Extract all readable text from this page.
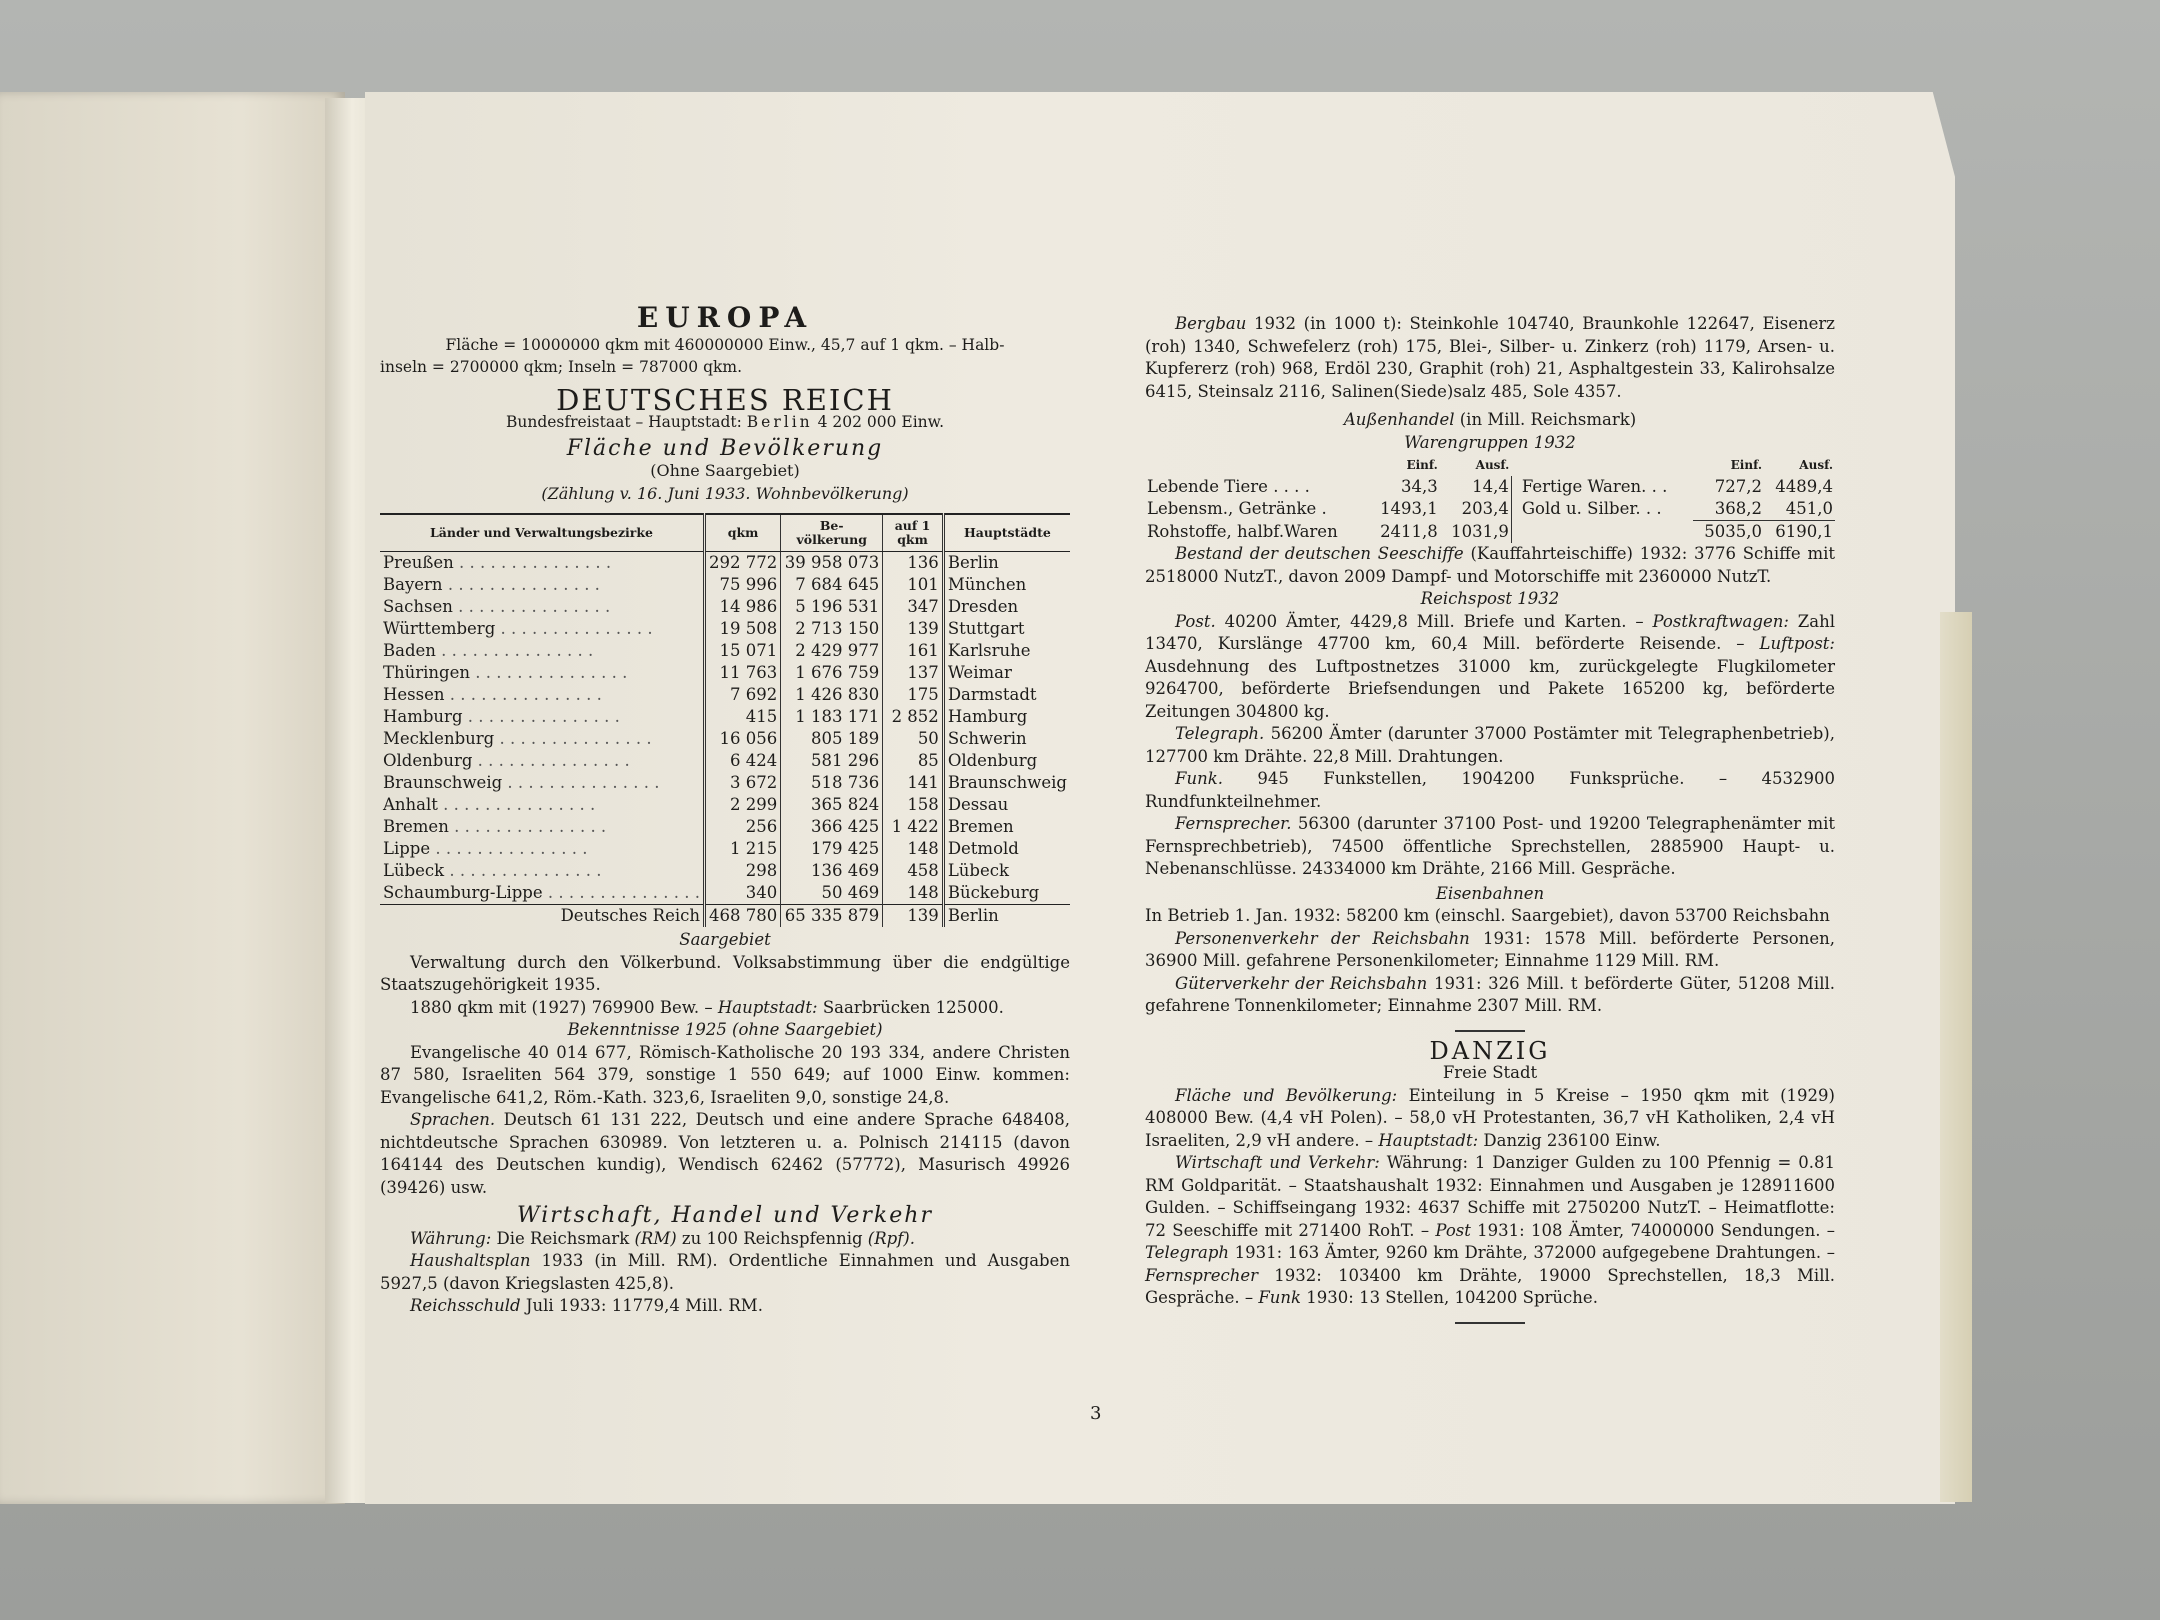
EUROPA
Fläche = 10000000 qkm mit 460000000 Einw., 45,7 auf 1 qkm. – Halb-
inseln = 2700000 qkm; Inseln = 787000 qkm.
DEUTSCHES REICH
Bundesfreistaat – Hauptstadt: Berlin 4 202 000 Einw.
Fläche und Bevölkerung
(Ohne Saargebiet)
(Zählung v. 16. Juni 1933. Wohnbevölkerung)
Länder und Verwaltungsbezirke	qkm	Be- völkerung	auf 1 qkm	Hauptstädte
Preußen . . . . . . . . . . . . . . .	292 772	39 958 073	136	Berlin
Bayern . . . . . . . . . . . . . . .	75 996	7 684 645	101	München
Sachsen . . . . . . . . . . . . . . .	14 986	5 196 531	347	Dresden
Württemberg . . . . . . . . . . . . . . .	19 508	2 713 150	139	Stuttgart
Baden . . . . . . . . . . . . . . .	15 071	2 429 977	161	Karlsruhe
Thüringen . . . . . . . . . . . . . . .	11 763	1 676 759	137	Weimar
Hessen . . . . . . . . . . . . . . .	7 692	1 426 830	175	Darmstadt
Hamburg . . . . . . . . . . . . . . .	415	1 183 171	2 852	Hamburg
Mecklenburg . . . . . . . . . . . . . . .	16 056	805 189	50	Schwerin
Oldenburg . . . . . . . . . . . . . . .	6 424	581 296	85	Oldenburg
Braunschweig . . . . . . . . . . . . . . .	3 672	518 736	141	Braunschweig
Anhalt . . . . . . . . . . . . . . .	2 299	365 824	158	Dessau
Bremen . . . . . . . . . . . . . . .	256	366 425	1 422	Bremen
Lippe . . . . . . . . . . . . . . .	1 215	179 425	148	Detmold
Lübeck . . . . . . . . . . . . . . .	298	136 469	458	Lübeck
Schaumburg-Lippe . . . . . . . . . . . . . . .	340	50 469	148	Bückeburg
Deutsches Reich	468 780	65 335 879	139	Berlin
Saargebiet
Verwaltung durch den Völkerbund. Volksabstimmung über die endgültige Staatszugehörigkeit 1935.
1880 qkm mit (1927) 769900 Bew. – Hauptstadt: Saarbrücken 125000.
Bekenntnisse 1925 (ohne Saargebiet)
Evangelische 40 014 677, Römisch-Katholische 20 193 334, andere Christen 87 580, Israeliten 564 379, sonstige 1 550 649; auf 1000 Einw. kommen: Evangelische 641,2, Röm.-Kath. 323,6, Israeliten 9,0, sonstige 24,8.
Sprachen. Deutsch 61 131 222, Deutsch und eine andere Sprache 648408, nichtdeutsche Sprachen 630989. Von letzteren u. a. Polnisch 214115 (davon 164144 des Deutschen kundig), Wendisch 62462 (57772), Masurisch 49926 (39426) usw.
Wirtschaft, Handel und Verkehr
Währung: Die Reichsmark (RM) zu 100 Reichspfennig (Rpf).
Haushaltsplan 1933 (in Mill. RM). Ordentliche Einnahmen und Ausgaben 5927,5 (davon Kriegslasten 425,8).
Reichsschuld Juli 1933: 11779,4 Mill. RM.
Bergbau 1932 (in 1000 t): Steinkohle 104740, Braunkohle 122647, Eisenerz (roh) 1340, Schwefelerz (roh) 175, Blei-, Silber- u. Zinkerz (roh) 1179, Arsen- u. Kupfererz (roh) 968, Erdöl 230, Graphit (roh) 21, Asphaltgestein 33, Kalirohsalze 6415, Steinsalz 2116, Salinen(Siede)salz 485, Sole 4357.
Außenhandel (in Mill. Reichsmark)
Warengruppen 1932
	Einf.	Ausf.		Einf.	Ausf.
Lebende Tiere . . . .	34,3	14,4	Fertige Waren. . .	727,2	4489,4
Lebensm., Getränke .	1493,1	203,4	Gold u. Silber. . .	368,2	451,0
Rohstoffe, halbf.Waren	2411,8	1031,9		5035,0	6190,1
Bestand der deutschen Seeschiffe (Kauffahrteischiffe) 1932: 3776 Schiffe mit 2518000 NutzT., davon 2009 Dampf- und Motorschiffe mit 2360000 NutzT.
Reichspost 1932
Post. 40200 Ämter, 4429,8 Mill. Briefe und Karten. – Postkraftwagen: Zahl 13470, Kurslänge 47700 km, 60,4 Mill. beförderte Reisende. – Luftpost: Ausdehnung des Luftpostnetzes 31000 km, zurückgelegte Flugkilometer 9264700, beförderte Briefsendungen und Pakete 165200 kg, beförderte Zeitungen 304800 kg.
Telegraph. 56200 Ämter (darunter 37000 Postämter mit Telegraphenbetrieb), 127700 km Drähte. 22,8 Mill. Drahtungen.
Funk. 945 Funkstellen, 1904200 Funksprüche. – 4532900 Rundfunkteilnehmer.
Fernsprecher. 56300 (darunter 37100 Post- und 19200 Telegraphenämter mit Fernsprechbetrieb), 74500 öffentliche Sprechstellen, 2885900 Haupt- u. Nebenanschlüsse. 24334000 km Drähte, 2166 Mill. Gespräche.
Eisenbahnen
In Betrieb 1. Jan. 1932: 58200 km (einschl. Saargebiet), davon 53700 Reichsbahn
Personenverkehr der Reichsbahn 1931: 1578 Mill. beförderte Personen, 36900 Mill. gefahrene Personenkilometer; Einnahme 1129 Mill. RM.
Güterverkehr der Reichsbahn 1931: 326 Mill. t beförderte Güter, 51208 Mill. gefahrene Tonnenkilometer; Einnahme 2307 Mill. RM.
DANZIG
Freie Stadt
Fläche und Bevölkerung: Einteilung in 5 Kreise – 1950 qkm mit (1929) 408000 Bew. (4,4 vH Polen). – 58,0 vH Protestanten, 36,7 vH Katholiken, 2,4 vH Israeliten, 2,9 vH andere. – Hauptstadt: Danzig 236100 Einw.
Wirtschaft und Verkehr: Währung: 1 Danziger Gulden zu 100 Pfennig = 0.81 RM Goldparität. – Staatshaushalt 1932: Einnahmen und Ausgaben je 128911600 Gulden. – Schiffseingang 1932: 4637 Schiffe mit 2750200 NutzT. – Heimatflotte: 72 Seeschiffe mit 271400 RohT. – Post 1931: 108 Ämter, 74000000 Sendungen. – Telegraph 1931: 163 Ämter, 9260 km Drähte, 372000 aufgegebene Drahtungen. – Fernsprecher 1932: 103400 km Drähte, 19000 Sprechstellen, 18,3 Mill. Gespräche. – Funk 1930: 13 Stellen, 104200 Sprüche.
3
